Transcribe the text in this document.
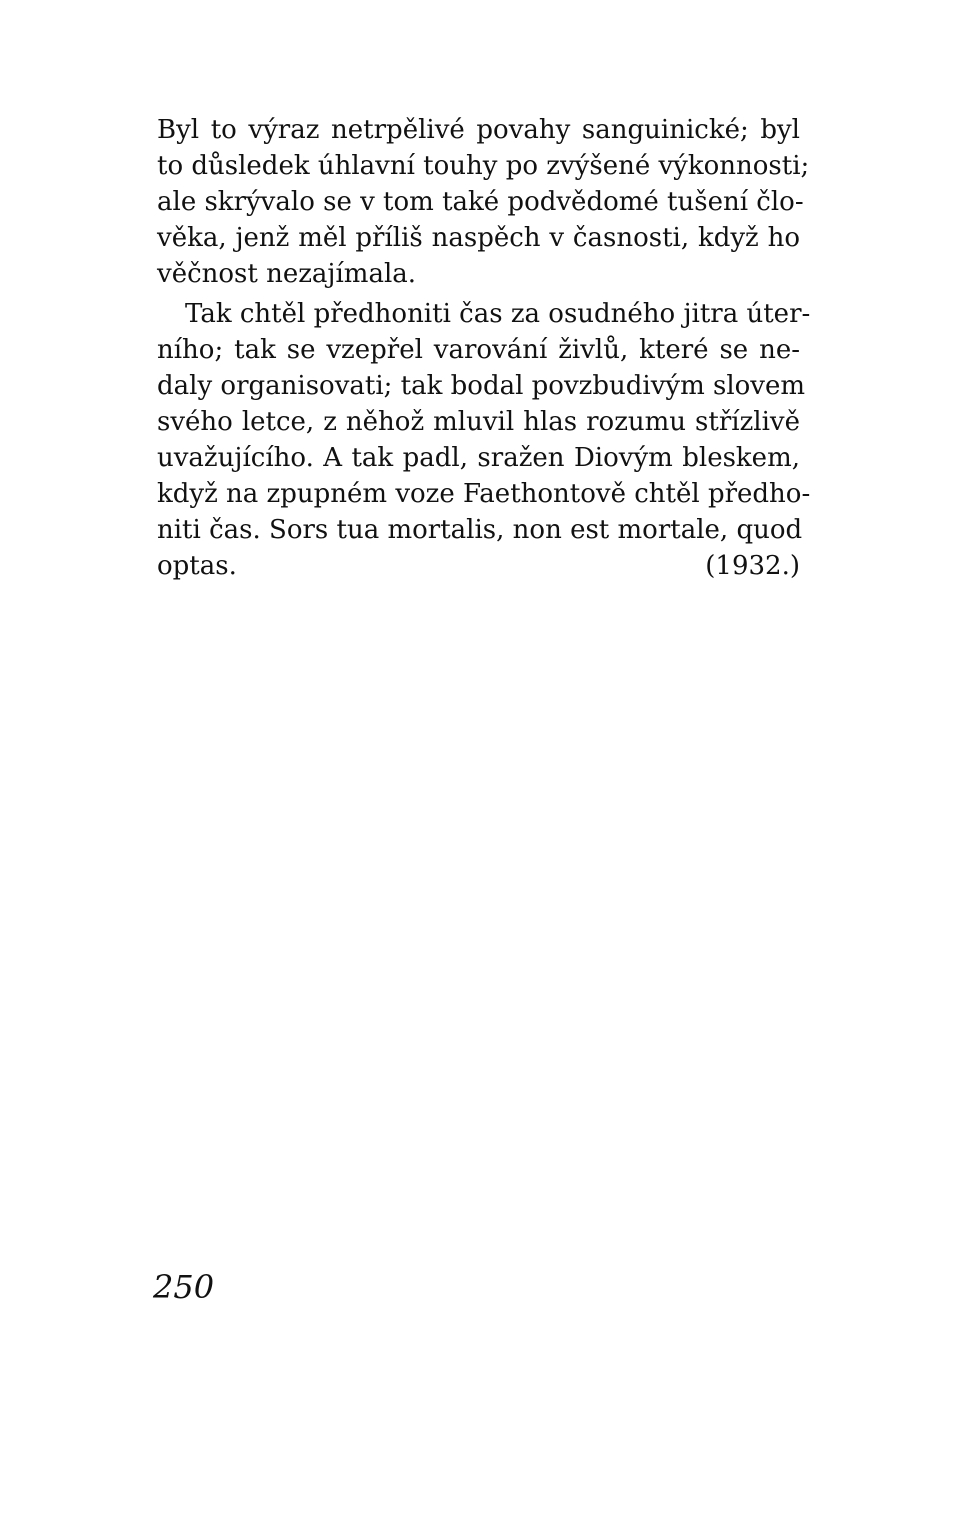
Byl to výraz netrpělivé povahy sanguinické; byl
to důsledek úhlavní touhy po zvýšené výkonnosti;
ale skrývalo se v tom také podvědomé tušení člo-
věka, jenž měl příliš naspěch v časnosti, když ho
věčnost nezajímala.
Tak chtěl předhoniti čas za osudného jitra úter-
ního; tak se vzepřel varování živlů, které se ne-
daly organisovati; tak bodal povzbudivým slovem
svého letce, z něhož mluvil hlas rozumu střízlivě
uvažujícího. A tak padl, sražen Diovým bleskem,
když na zpupném voze Faethontově chtěl předho-
niti čas. Sors tua mortalis, non est mortale, quod
optas.	(1932.)
250
